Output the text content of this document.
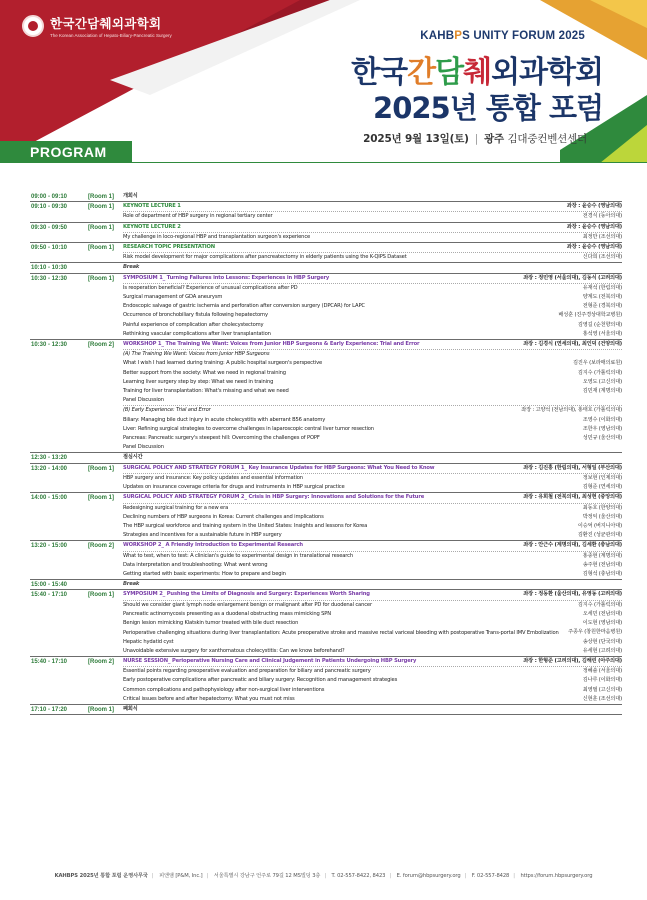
한국간담췌외과학회
The Korean Association of Hepato-Biliary-Pancreatic Surgery	KAHBPS UNITY FORUM 2025
한국간담췌외과학회
2025년 통합 포럼
2025년 9월 13일(토) | 광주 김대중컨벤션센터
PROGRAM
09:00 - 09:10	[Room 1]	개회식
09:10 - 09:30	[Room 1]	KEYNOTE LECTURE 1	좌장 : 윤승수 (영남의대)
Role of department of HBP surgery in regional tertiary center	전경식 (동아의대)
09:30 - 09:50	[Room 1]	KEYNOTE LECTURE 2	좌장 : 윤승수 (영남의대)
My challenge in loco-regional HBP and transplantation surgeon's experience	최정만 (조선의대)
09:50 - 10:10	[Room 1]	RESEARCH TOPIC PRESENTATION	좌장 : 윤승수 (영남의대)
Risk model development for major complications after pancreatectomy in elderly patients using the K-QIPS Dataset	신다희 (조선의대)
10:10 - 10:30	Break
10:30 - 12:30	[Room 1]	SYMPOSIUM 1_ Turning Failures into Lessons: Experiences in HBP Surgery	좌장 : 정민영 (서울의대), 김동식 (고려의대)
Is reoperation beneficial? Experience of unusual complications after PD	유재석 (한림의대)
Surgical management of GDA aneurysm	양계도 (전북의대)
Endoscopic salvage of gastric ischemia and perforation after conversion surgery (DPCAR) for LAPC	전형준 (경북의대)
Occurrence of bronchobiliary fistula following hepatectomy	배성훈 (진주경상대학교병원)
Painful experience of complication after cholecystectomy	김영길 (순천향의대)
Rethinking vascular complications after liver transplantation	홍석영 (서울의대)
10:30 - 12:30	[Room 2]	WORKSHOP 1_ The Training We Want: Voices from Junior HBP Surgeons & Early Experience: Trial and Error	좌장 : 김경식 (연세의대), 최인덕 (건양의대)
(A) The Training We Want: Voices from Junior HBP Surgeons
What I wish I had learned during training: A public hospital surgeon's perspective	김진우 (보라매의료원)
Better support from the society: What we need in regional training	김지수 (가톨릭의대)
Learning liver surgery step by step: What we need in training	오영도 (고신의대)
Training for liver transplantation: What's missing and what we need	김민재 (계명의대)
Panel Discussion
(B) Early Experience: Trial and Error	좌장 : 고양석 (전남의대), 홍태호 (가톨릭의대)
Biliary: Managing bile duct injury in acute cholecystitis with aberrant B56 anatomy	조영수 (이화의대)
Liver: Refining surgical strategies to overcome challenges in laparoscopic central liver tumor resection	조한우 (영남의대)
Pancreas: Pancreatic surgery's steepest hill: Overcoming the challenges of POPF	성민규 (울산의대)
Panel Discussion
12:30 - 13:20	점심시간
13:20 - 14:00	[Room 1]	SURGICAL POLICY AND STRATEGY FORUM 1_ Key Insurance Updates for HBP Surgeons: What You Need to Know	좌장 : 김진홍 (한림의대), 서형일 (부산의대)
HBP surgery and insurance: Key policy updates and essential information	정보현 (인제의대)
Updates on insurance coverage criteria for drugs and instruments in HBP surgical practice	김형준 (연세의대)
14:00 - 15:00	[Room 1]	SURGICAL POLICY AND STRATEGY FORUM 2_ Crisis in HBP Surgery: Innovations and Solutions for the Future	좌장 : 유희철 (전북의대), 최성현 (중앙의대)
Redesigning surgical training for a new era	최동호 (한양의대)
Declining numbers of HBP surgeons in Korea: Current challenges and implications	박정익 (울산의대)
The HBP surgical workforce and training system in the United States: Insights and lessons for Korea	이승억 (버지니아대)
Strategies and incentives for a sustainable future in HBP surgery	김환진 (성균관의대)
13:20 - 15:00	[Room 2]	WORKSHOP 2_ A Friendly Introduction to Experimental Research	좌장 : 안근수 (계명의대), 김세환 (충남의대)
What to test, when to test: A clinician's guide to experimental design in translational research	홍종현 (계명의대)
Data interpretation and troubleshooting: What went wrong	송주현 (전남의대)
Getting started with basic experiments: How to prepare and begin	김형석 (충남의대)
15:00 - 15:40	Break
15:40 - 17:10	[Room 1]	SYMPOSIUM 2_ Pushing the Limits of Diagnosis and Surgery: Experiences Worth Sharing	좌장 : 정동환 (울산의대), 유영동 (고려의대)
Should we consider giant lymph node enlargement benign or malignant after PD for duodenal cancer	김지수 (가톨릭의대)
Pancreatic actinomycosis presenting as a duodenal obstructing mass mimicking SPN	오세민 (전남의대)
Benign lesion mimicking Klatskin tumor treated with bile duct resection	이도현 (영남의대)
Perioperative challenging situations during liver transplantation: Acute preoperative stroke and massive rectal variceal bleeding with postoperative Trans-portal IMV Embolization	주종우 (창원한마음병원)
Hepatic hydatid cyst	송상현 (단국의대)
Unavoidable extensive surgery for xanthomatous cholecystitis: Can we know beforehand?	유세현 (고려의대)
15:40 - 17:10	[Room 2]	NURSE SESSION_ Perioperative Nursing Care and Clinical Judgement in Patients Undergoing HBP Surgery	좌장 : 한형준 (고려의대), 김해린 (아주의대)
Essential points regarding preoperative evaluation and preparation for biliary and pancreatic surgery	정혜솔 (서울의대)
Early postoperative complications after pancreatic and biliary surgery: Recognition and management strategies	김나루 (이화의대)
Common complications and pathophysiology after non-surgical liver interventions	최영필 (고신의대)
Critical issues before and after hepatectomy: What you must not miss	신현훈 (조선의대)
17:10 - 17:20	[Room 1]	폐회식
KAHBPS 2025년 통합 포럼 운영사무국 | 피앤앰 [P&M, Inc.] | 서울특별시 강남구 언주로 79길 12 MS빌딩 3층 | T. 02-557-8422, 8423 | E. forum@hbpsurgery.org | F. 02-557-8428 | https://forum.hbpsurgery.org
